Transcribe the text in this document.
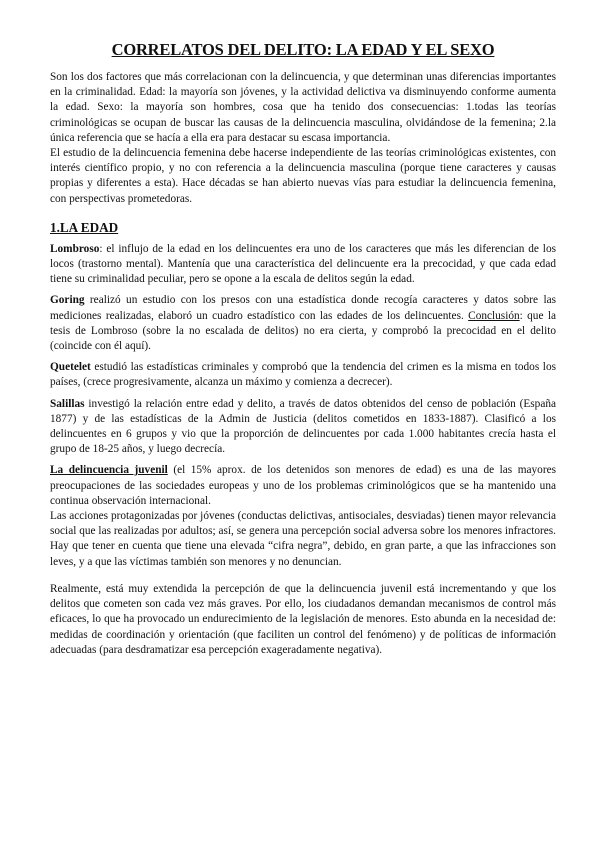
CORRELATOS DEL DELITO: LA EDAD Y EL SEXO

Son los dos factores que más correlacionan con la delincuencia, y que determinan unas diferencias importantes en la criminalidad. Edad: la mayoría son jóvenes, y la actividad delictiva va disminuyendo conforme aumenta la edad. Sexo: la mayoría son hombres, cosa que ha tenido dos consecuencias: 1.todas las teorías criminológicas se ocupan de buscar las causas de la delincuencia masculina, olvidándose de la femenina; 2.la única referencia que se hacía a ella era para destacar su escasa importancia.

El estudio de la delincuencia femenina debe hacerse independiente de las teorías criminológicas existentes, con interés científico propio, y no con referencia a la delincuencia masculina (porque tiene caracteres y causas propias y diferentes a esta). Hace décadas se han abierto nuevas vías para estudiar la delincuencia femenina, con perspectivas prometedoras.

1.LA EDAD

Lombroso: el influjo de la edad en los delincuentes era uno de los caracteres que más les diferencian de los locos (trastorno mental). Mantenía que una característica del delincuente era la precocidad, y que cada edad tiene su criminalidad peculiar, pero se opone a la escala de delitos según la edad.

Goring realizó un estudio con los presos con una estadística donde recogía caracteres y datos sobre las mediciones realizadas, elaboró un cuadro estadístico con las edades de los delincuentes. Conclusión: que la tesis de Lombroso (sobre la no escalada de delitos) no era cierta, y comprobó la precocidad en el delito (coincide con él aquí).

Quetelet estudió las estadísticas criminales y comprobó que la tendencia del crimen es la misma en todos los países, (crece progresivamente, alcanza un máximo y comienza a decrecer).

Salillas investigó la relación entre edad y delito, a través de datos obtenidos del censo de población (España 1877) y de las estadísticas de la Admin de Justicia (delitos cometidos en 1833-1887). Clasificó a los delincuentes en 6 grupos y vio que la proporción de delincuentes por cada 1.000 habitantes crecía hasta el grupo de 18-25 años, y luego decrecía.

La delincuencia juvenil (el 15% aprox. de los detenidos son menores de edad) es una de las mayores preocupaciones de las sociedades europeas y uno de los problemas criminológicos que se ha mantenido una continua observación internacional.

Las acciones protagonizadas por jóvenes (conductas delictivas, antisociales, desviadas) tienen mayor relevancia social que las realizadas por adultos; así, se genera una percepción social adversa sobre los menores infractores. Hay que tener en cuenta que tiene una elevada “cifra negra”, debido, en gran parte, a que las infracciones son leves, y a que las víctimas también son menores y no denuncian.

Realmente, está muy extendida la percepción de que la delincuencia juvenil está incrementando y que los delitos que cometen son cada vez más graves. Por ello, los ciudadanos demandan mecanismos de control más eficaces, lo que ha provocado un endurecimiento de la legislación de menores. Esto abunda en la necesidad de: medidas de coordinación y orientación (que faciliten un control del fenómeno) y de políticas de información adecuadas (para desdramatizar esa percepción exageradamente negativa).
